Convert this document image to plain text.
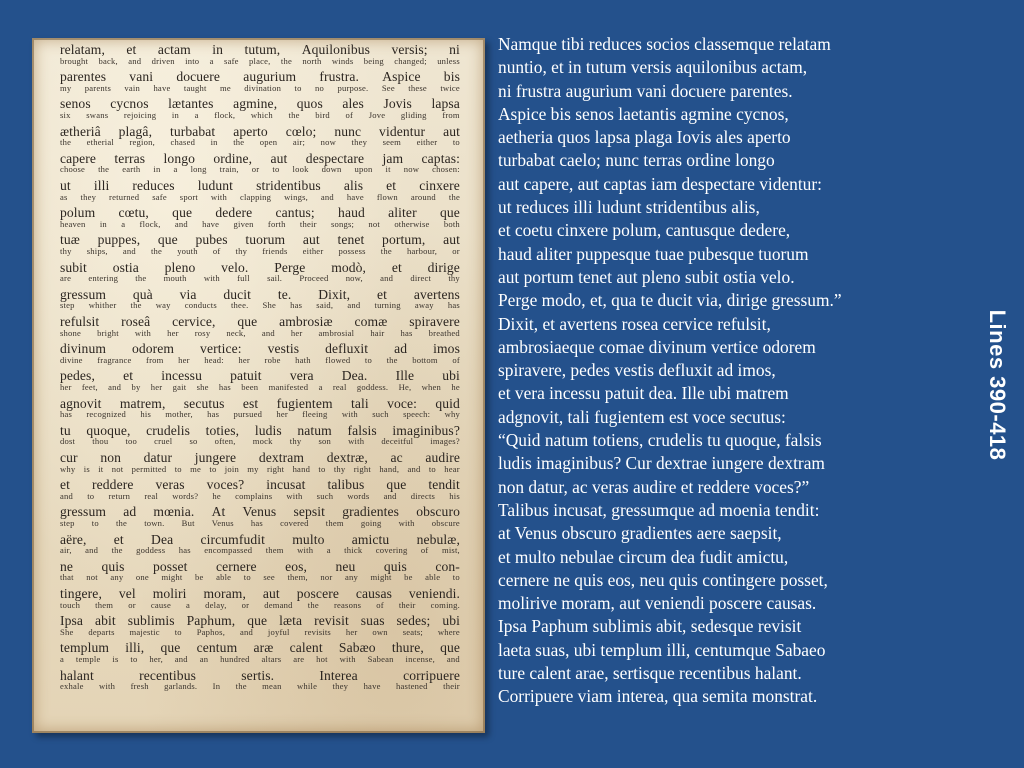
relatam, et actam in tutum, Aquilonibus versis; ni
brought back, and driven into a safe place, the north winds being changed; unless
parentes vani docuere augurium frustra. Aspice bis
my parents vain have taught me divination to no purpose. See these twice
senos cycnos lætantes agmine, quos ales Jovis lapsa
six swans rejoicing in a flock, which the bird of Jove gliding from
ætheriâ plagâ, turbabat aperto cœlo; nunc videntur aut
the etherial region, chased in the open air; now they seem either to
capere terras longo ordine, aut despectare jam captas:
choose the earth in a long train, or to look down upon it now chosen:
ut illi reduces ludunt stridentibus alis et cinxere
as they returned safe sport with clapping wings, and have flown around the
polum cœtu, que dedere cantus; haud aliter que
heaven in a flock, and have given forth their songs; not otherwise both
tuæ puppes, que pubes tuorum aut tenet portum, aut
thy ships, and the youth of thy friends either possess the harbour, or
subit ostia pleno velo. Perge modò, et dirige
are entering the mouth with full sail. Proceed now, and direct thy
gressum quà via ducit te. Dixit, et avertens
step whither the way conducts thee. She has said, and turning away has
refulsit roseâ cervice, que ambrosiæ comæ spiravere
shone bright with her rosy neck, and her ambrosial hair has breathed
divinum odorem vertice: vestis defluxit ad imos
divine fragrance from her head: her robe hath flowed to the bottom of
pedes, et incessu patuit vera Dea. Ille ubi
her feet, and by her gait she has been manifested a real goddess. He, when he
agnovit matrem, secutus est fugientem tali voce: quid
has recognized his mother, has pursued her fleeing with such speech: why
tu quoque, crudelis toties, ludis natum falsis imaginibus?
dost thou too cruel so often, mock thy son with deceitful images?
cur non datur jungere dextram dextræ, ac audire
why is it not permitted to me to join my right hand to thy right hand, and to hear
et reddere veras voces? incusat talibus que tendit
and to return real words? he complains with such words and directs his
gressum ad mœnia. At Venus sepsit gradientes obscuro
step to the town. But Venus has covered them going with obscure
aëre, et Dea circumfudit multo amictu nebulæ,
air, and the goddess has encompassed them with a thick covering of mist,
ne quis posset cernere eos, neu quis con-
that not any one might be able to see them, nor any might be able to
tingere, vel moliri moram, aut poscere causas veniendi.
touch them or cause a delay, or demand the reasons of their coming.
Ipsa abit sublimis Paphum, que læta revisit suas sedes; ubi
She departs majestic to Paphos, and joyful revisits her own seats; where
templum illi, que centum aræ calent Sabæo thure, que
a temple is to her, and an hundred altars are hot with Sabean incense, and
halant	recentibus	sertis.	Interea	corripuere
exhale with fresh garlands. In the mean while they have hastened their
Namque tibi reduces socios classemque relatam
nuntio, et in tutum versis aquilonibus actam,
ni frustra augurium vani docuere parentes.
Aspice bis senos laetantis agmine cycnos,
aetheria quos lapsa plaga Iovis ales aperto
turbabat caelo; nunc terras ordine longo
aut capere, aut captas iam despectare videntur:
ut reduces illi ludunt stridentibus alis,
et coetu cinxere polum, cantusque dedere,
haud aliter puppesque tuae pubesque tuorum
aut portum tenet aut pleno subit ostia velo.
Perge modo, et, qua te ducit via, dirige gressum.”
Dixit, et avertens rosea cervice refulsit,
ambrosiaeque comae divinum vertice odorem
spiravere, pedes vestis defluxit ad imos,
et vera incessu patuit dea. Ille ubi matrem
adgnovit, tali fugientem est voce secutus:
“Quid natum totiens, crudelis tu quoque, falsis
ludis imaginibus? Cur dextrae iungere dextram
non datur, ac veras audire et reddere voces?”
Talibus incusat, gressumque ad moenia tendit:
at Venus obscuro gradientes aere saepsit,
et multo nebulae circum dea fudit amictu,
cernere ne quis eos, neu quis contingere posset,
molirive moram, aut veniendi poscere causas.
Ipsa Paphum sublimis abit, sedesque revisit
laeta suas, ubi templum illi, centumque Sabaeo
ture calent arae, sertisque recentibus halant.
Corripuere viam interea, qua semita monstrat.
Lines 390-418
